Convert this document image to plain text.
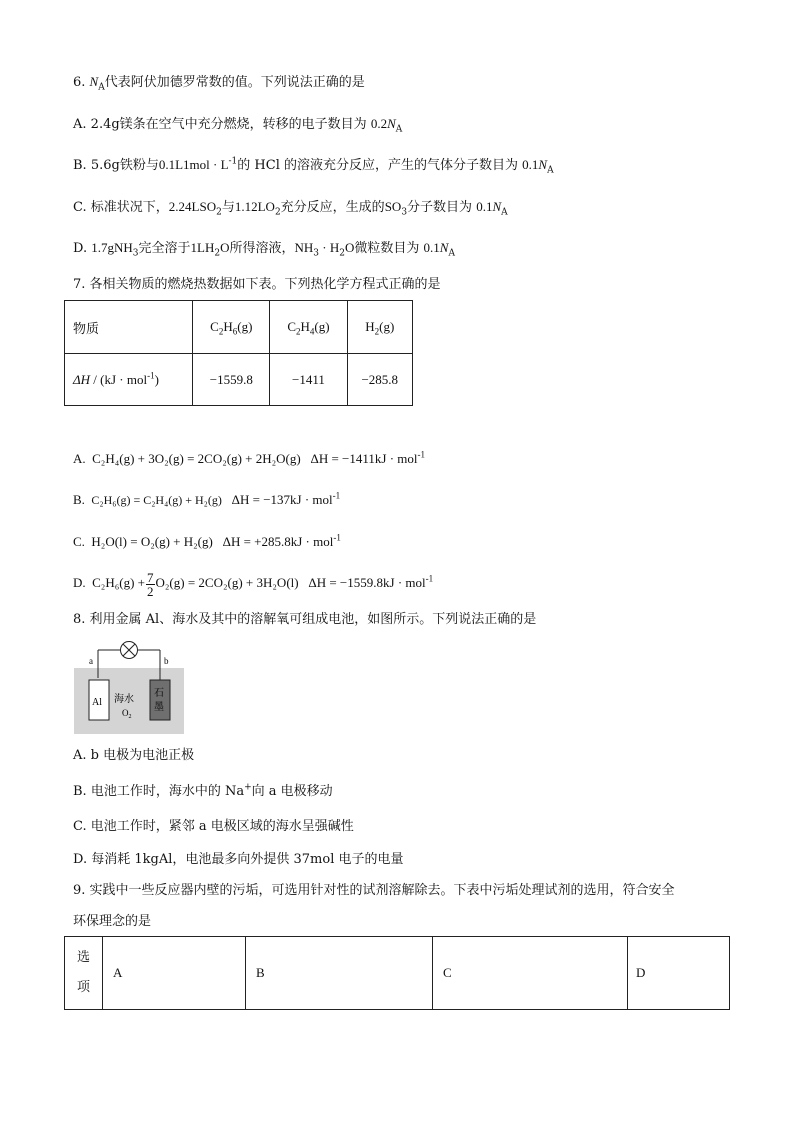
6. $N_A$代表阿伏加德罗常数的值。下列说法正确的是
A. 2.4g镁条在空气中充分燃烧，转移的电子数目为 $0.2N_A$
B. 5.6g铁粉与$0.1L1mol \cdot L^{-1}$的 HCl 的溶液充分反应，产生的气体分子数目为 $0.1N_A$
C. 标准状况下，$2.24LSO_2$与$1.12LO_2$充分反应，生成的$SO_3$分子数目为 $0.1N_A$
D. 1.7gNH$_3$完全溶于$1LH_2O$所得溶液，$NH_3 \cdot H_2O$微粒数目为 $0.1N_A$
7. 各相关物质的燃烧热数据如下表。下列热化学方程式正确的是
物质	$C_2H_6(g)$	$C_2H_4(g)$	$H_2(g)$
ΔH / (kJ · mol$^{-1}$)	−1559.8	−1411	−285.8
A. C₂H₄(g) + 3O₂(g) = 2CO₂(g) + 2H₂O(g) ΔH = −1411kJ · mol$^{-1}$
B. C₂H₆(g) = C₂H₄(g) + H₂(g) ΔH = −137kJ · mol$^{-1}$
C. H₂O(l) = O₂(g) + H₂(g) ΔH = +285.8kJ · mol$^{-1}$
D. $C_2H_6(g) + \frac{7}{2} O_2(g) = 2CO_2(g) + 3H_2O(l) \Delta H = -1559.8kJ \cdot mol^{-1}$
8. 利用金属 Al、海水及其中的溶解氧可组成电池，如图所示。下列说法正确的是
a	b
Al 海水
$O_2$
石
墨
A. b 电极为电池正极
B. 电池工作时，海水中的 Na+向 a 电极移动
C. 电池工作时，紧邻 a 电极区域的海水呈强碱性
D. 每消耗 1kgAl，电池最多向外提供 37mol 电子的电量
9. 实践中一些反应器内壁的污垢，可选用针对性的试剂溶解除去。下表中污垢处理试剂的选用，符合安全
环保理念的是
选
项	A	B	C	D
